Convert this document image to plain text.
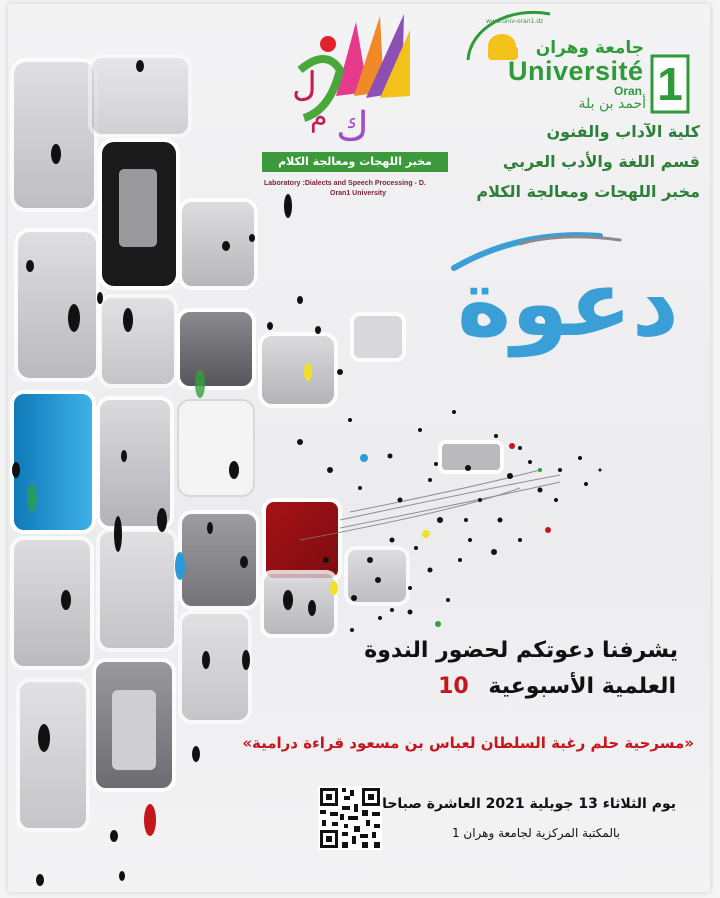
ل
م ك
www.univ-oran1.dz
جامعة وهران
Université
Oran 1
أحمد بن بلة
كلية الآداب والفنون
قسم اللغة والأدب العربي
مخبر اللهجات ومعالجة الكلام
مخبر اللهجات ومعالجة الكلام
Laboratory :Dialects and Speech Processing - D.
Oran1 University
دعوة
يشرفنا دعوتكم لحضور الندوة
العلمية الأسبوعية 10
«مسرحية حلم رغبة السلطان لعباس بن مسعود قراءة درامية»
يوم الثلاثاء 13 جويلية 2021 العاشرة صباحا
بالمكتبة المركزية لجامعة وهران 1
